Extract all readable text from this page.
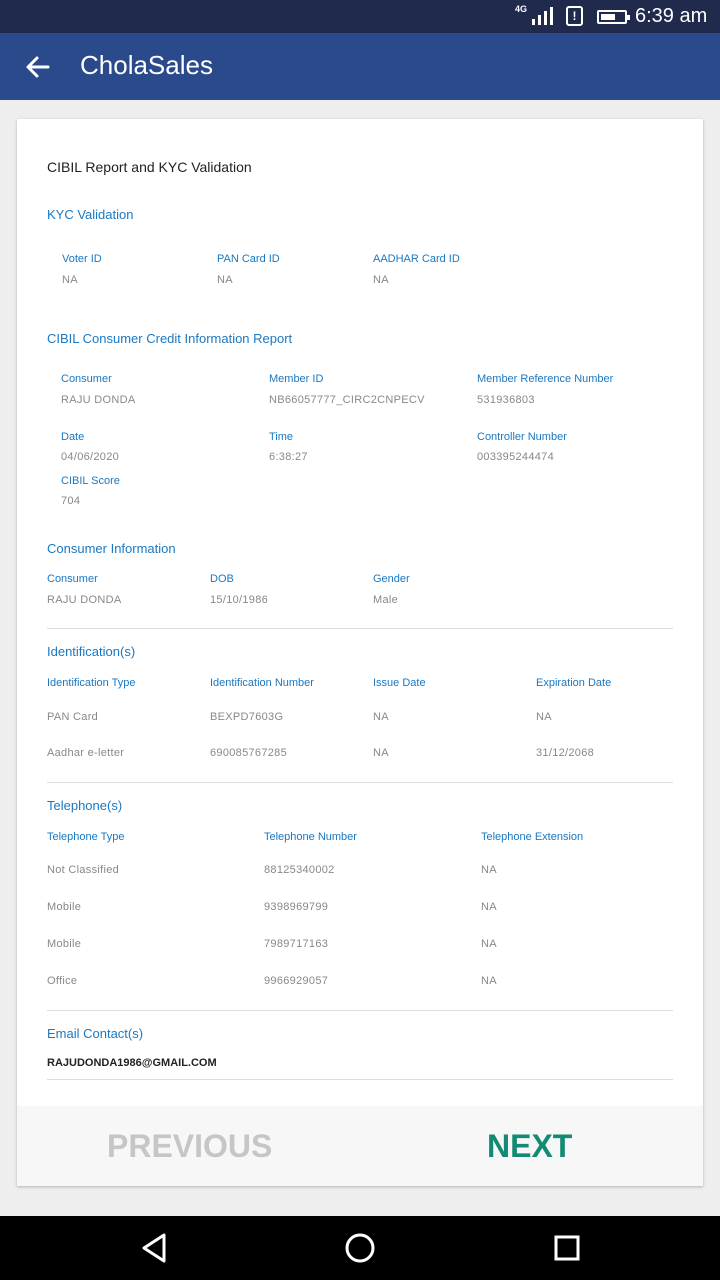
4G	!	6:39 am
CholaSales
CIBIL Report and KYC Validation
KYC Validation
Voter ID
NA
PAN Card ID
NA
AADHAR Card ID
NA
CIBIL Consumer Credit Information Report
Consumer
RAJU DONDA
Member ID
NB66057777_CIRC2CNPECV
Member Reference Number
531936803
Date
04/06/2020
Time
6:38:27
Controller Number
003395244474
CIBIL Score
704
Consumer Information
Consumer
RAJU DONDA
DOB
15/10/1986
Gender
Male
Identification(s)
Identification Type	Identification Number	Issue Date	Expiration Date
PAN Card	BEXPD7603G	NA	NA
Aadhar e-letter	690085767285	NA	31/12/2068
Telephone(s)
Telephone Type	Telephone Number	Telephone Extension
Not Classified	88125340002	NA
Mobile	9398969799	NA
Mobile	7989717163	NA
Office	9966929057	NA
Email Contact(s)
RAJUDONDA1986@GMAIL.COM
PREVIOUS	NEXT
